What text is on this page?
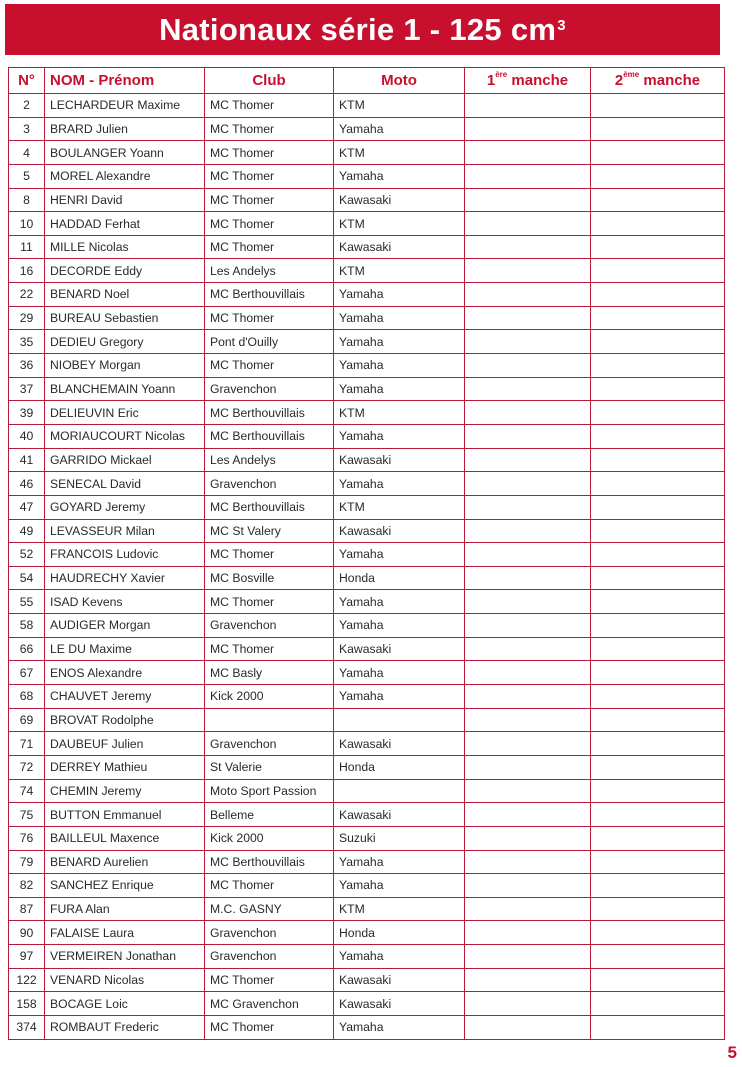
Nationaux série 1 - 125 $cm^3$
N°	NOM - Prénom	Club	Moto	1ère manche	2ème manche
2	LECHARDEUR Maxime	MC Thomer	KTM		
3	BRARD Julien	MC Thomer	Yamaha		
4	BOULANGER Yoann	MC Thomer	KTM		
5	MOREL Alexandre	MC Thomer	Yamaha		
8	HENRI David	MC Thomer	Kawasaki		
10	HADDAD Ferhat	MC Thomer	KTM		
11	MILLE Nicolas	MC Thomer	Kawasaki		
16	DECORDE Eddy	Les Andelys	KTM		
22	BENARD Noel	MC Berthouvillais	Yamaha		
29	BUREAU Sebastien	MC Thomer	Yamaha		
35	DEDIEU Gregory	Pont d'Ouilly	Yamaha		
36	NIOBEY Morgan	MC Thomer	Yamaha		
37	BLANCHEMAIN Yoann	Gravenchon	Yamaha		
39	DELIEUVIN Eric	MC Berthouvillais	KTM		
40	MORIAUCOURT Nicolas	MC Berthouvillais	Yamaha		
41	GARRIDO Mickael	Les Andelys	Kawasaki		
46	SENECAL David	Gravenchon	Yamaha		
47	GOYARD Jeremy	MC Berthouvillais	KTM		
49	LEVASSEUR Milan	MC St Valery	Kawasaki		
52	FRANCOIS Ludovic	MC Thomer	Yamaha		
54	HAUDRECHY Xavier	MC Bosville	Honda		
55	ISAD Kevens	MC Thomer	Yamaha		
58	AUDIGER Morgan	Gravenchon	Yamaha		
66	LE DU Maxime	MC Thomer	Kawasaki		
67	ENOS Alexandre	MC Basly	Yamaha		
68	CHAUVET Jeremy	Kick 2000	Yamaha		
69	BROVAT Rodolphe				
71	DAUBEUF Julien	Gravenchon	Kawasaki		
72	DERREY Mathieu	St Valerie	Honda		
74	CHEMIN Jeremy	Moto Sport Passion			
75	BUTTON Emmanuel	Belleme	Kawasaki		
76	BAILLEUL Maxence	Kick 2000	Suzuki		
79	BENARD Aurelien	MC Berthouvillais	Yamaha		
82	SANCHEZ Enrique	MC Thomer	Yamaha		
87	FURA Alan	M.C. GASNY	KTM		
90	FALAISE Laura	Gravenchon	Honda		
97	VERMEIREN Jonathan	Gravenchon	Yamaha		
122	VENARD Nicolas	MC Thomer	Kawasaki		
158	BOCAGE Loic	MC Gravenchon	Kawasaki		
374	ROMBAUT Frederic	MC Thomer	Yamaha		
5
